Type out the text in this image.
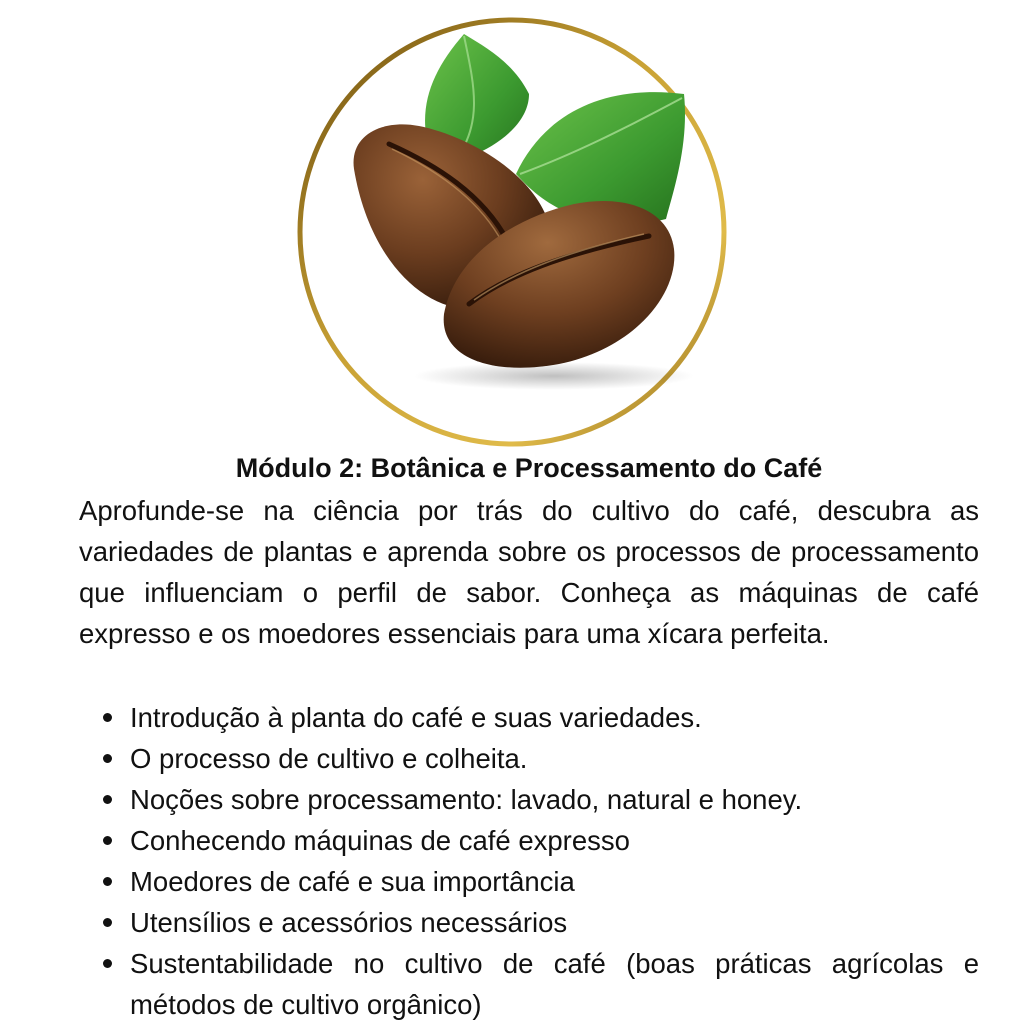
Módulo 2: Botânica e Processamento do Café

Aprofunde-se na ciência por trás do cultivo do café, descubra as variedades de plantas e aprenda sobre os processos de processamento que influenciam o perfil de sabor. Conheça as máquinas de café expresso e os moedores essenciais para uma xícara perfeita.

Introdução à planta do café e suas variedades.
O processo de cultivo e colheita.
Noções sobre processamento: lavado, natural e honey.
Conhecendo máquinas de café expresso
Moedores de café e sua importância
Utensílios e acessórios necessários
Sustentabilidade no cultivo de café (boas práticas agrícolas e métodos de cultivo orgânico)
